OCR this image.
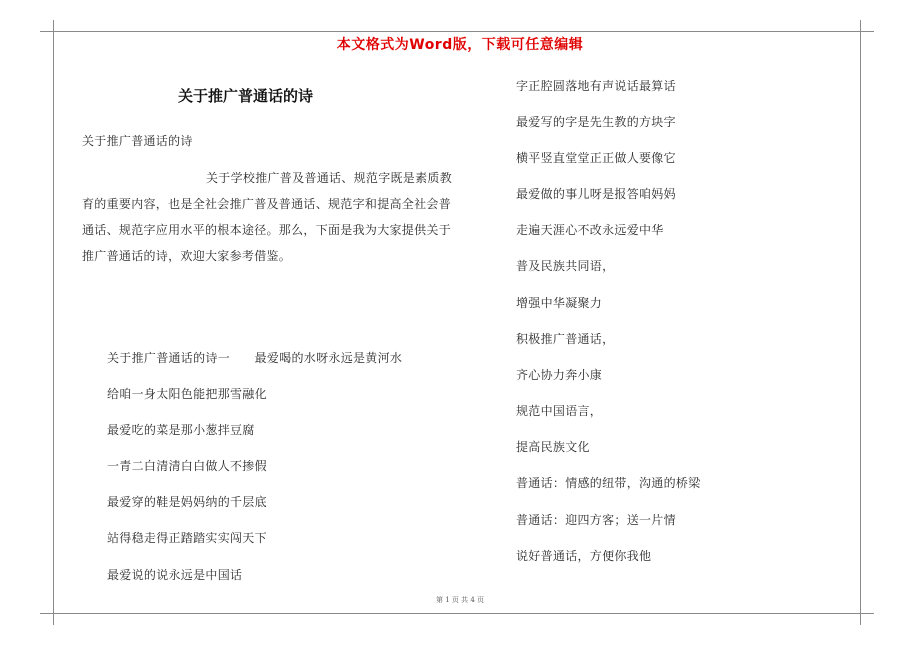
本文格式为Word版，下载可任意编辑
关于推广普通话的诗
关于推广普通话的诗
关于学校推广普及普通话、规范字既是素质教育的重要内容，也是全社会推广普及普通话、规范字和提高全社会普通话、规范字应用水平的根本途径。那么，下面是我为大家提供关于推广普通话的诗，欢迎大家参考借鉴。
关于推广普通话的诗一　　最爱喝的水呀永远是黄河水
给咱一身太阳色能把那雪融化
最爱吃的菜是那小葱拌豆腐
一青二白清清白白做人不掺假
最爱穿的鞋是妈妈纳的千层底
站得稳走得正踏踏实实闯天下
最爱说的说永远是中国话
字正腔圆落地有声说话最算话
最爱写的字是先生教的方块字
横平竖直堂堂正正做人要像它
最爱做的事儿呀是报答咱妈妈
走遍天涯心不改永远爱中华
普及民族共同语，
增强中华凝聚力
积极推广普通话，
齐心协力奔小康
规范中国语言，
提高民族文化
普通话：情感的纽带，沟通的桥梁
普通话：迎四方客；送一片情
说好普通话，方便你我他
第 1 页 共 4 页
